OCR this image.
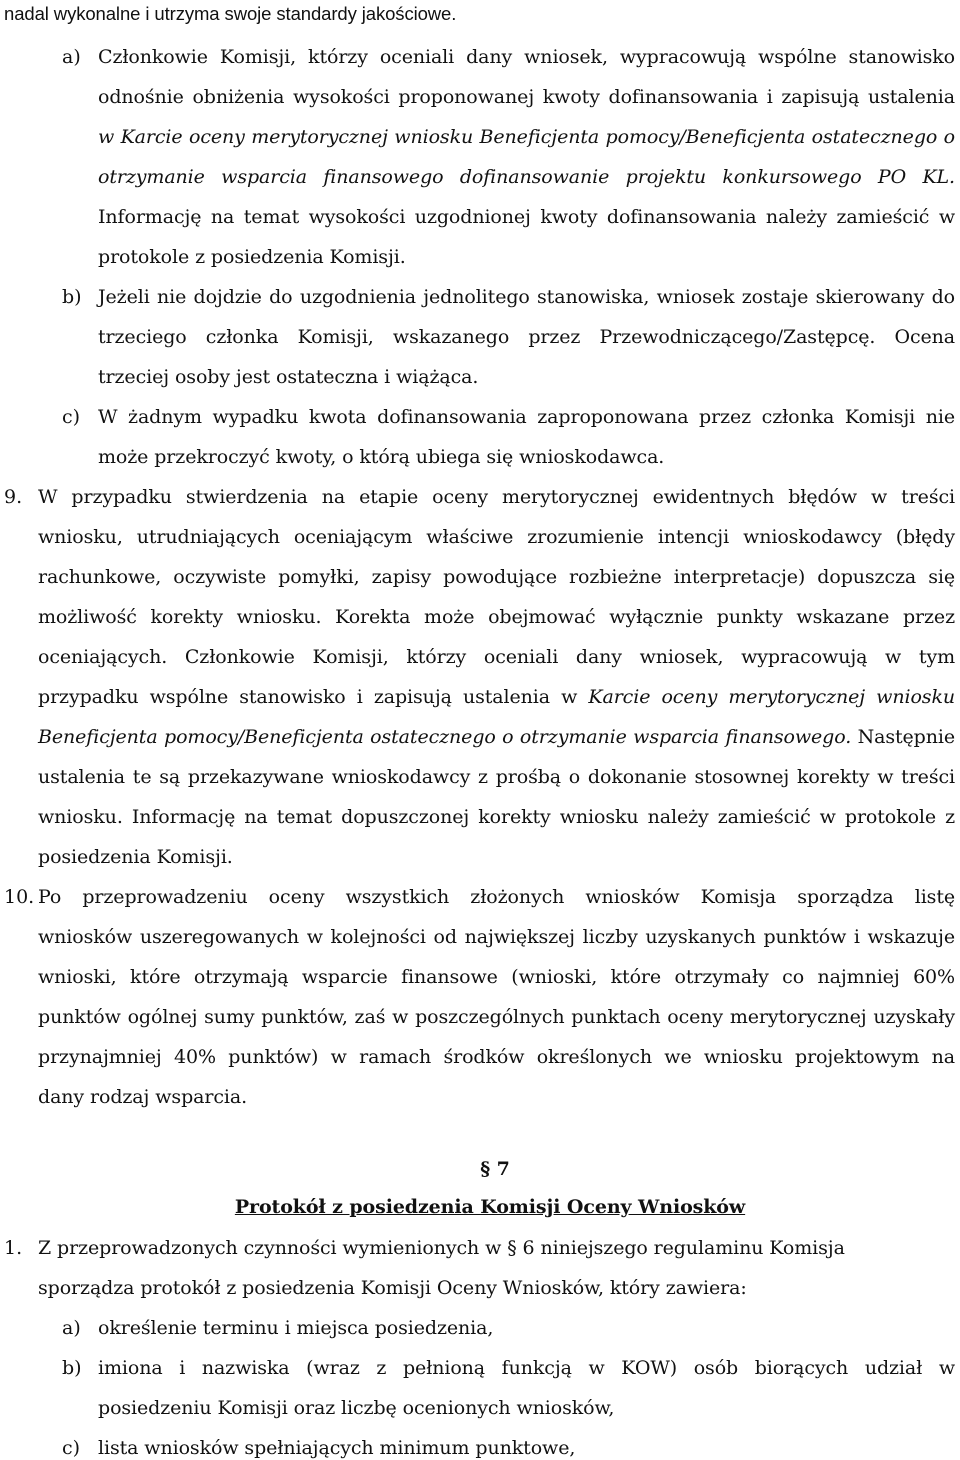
nadal wykonalne i utrzyma swoje standardy jakościowe.
a) Członkowie Komisji, którzy oceniali dany wniosek, wypracowują wspólne stanowisko
odnośnie obniżenia wysokości proponowanej kwoty dofinansowania i zapisują ustalenia
w Karcie oceny merytorycznej wniosku Beneficjenta pomocy/Beneficjenta ostatecznego o
otrzymanie wsparcia finansowego dofinansowanie projektu konkursowego PO KL.
Informację na temat wysokości uzgodnionej kwoty dofinansowania należy zamieścić w
protokole z posiedzenia Komisji.
b) Jeżeli nie dojdzie do uzgodnienia jednolitego stanowiska, wniosek zostaje skierowany do
trzeciego członka Komisji, wskazanego przez Przewodniczącego/Zastępcę. Ocena
trzeciej osoby jest ostateczna i wiążąca.
c) W żadnym wypadku kwota dofinansowania zaproponowana przez członka Komisji nie
może przekroczyć kwoty, o którą ubiega się wnioskodawca.
9. W przypadku stwierdzenia na etapie oceny merytorycznej ewidentnych błędów w treści
wniosku, utrudniających oceniającym właściwe zrozumienie intencji wnioskodawcy (błędy
rachunkowe, oczywiste pomyłki, zapisy powodujące rozbieżne interpretacje) dopuszcza się
możliwość korekty wniosku. Korekta może obejmować wyłącznie punkty wskazane przez
oceniających. Członkowie Komisji, którzy oceniali dany wniosek, wypracowują w tym
przypadku wspólne stanowisko i zapisują ustalenia w Karcie oceny merytorycznej wniosku
Beneficjenta pomocy/Beneficjenta ostatecznego o otrzymanie wsparcia finansowego. Następnie
ustalenia te są przekazywane wnioskodawcy z prośbą o dokonanie stosownej korekty w treści
wniosku. Informację na temat dopuszczonej korekty wniosku należy zamieścić w protokole z
posiedzenia Komisji.
10. Po przeprowadzeniu oceny wszystkich złożonych wniosków Komisja sporządza listę
wniosków uszeregowanych w kolejności od największej liczby uzyskanych punktów i wskazuje
wnioski, które otrzymają wsparcie finansowe (wnioski, które otrzymały co najmniej 60%
punktów ogólnej sumy punktów, zaś w poszczególnych punktach oceny merytorycznej uzyskały
przynajmniej 40% punktów) w ramach środków określonych we wniosku projektowym na
dany rodzaj wsparcia.
§ 7
Protokół z posiedzenia Komisji Oceny Wniosków
1. Z przeprowadzonych czynności wymienionych w § 6 niniejszego regulaminu Komisja
sporządza protokół z posiedzenia Komisji Oceny Wniosków, który zawiera:
a) określenie terminu i miejsca posiedzenia,
b) imiona i nazwiska (wraz z pełnioną funkcją w KOW) osób biorących udział w
posiedzeniu Komisji oraz liczbę ocenionych wniosków,
c) lista wniosków spełniających minimum punktowe,
